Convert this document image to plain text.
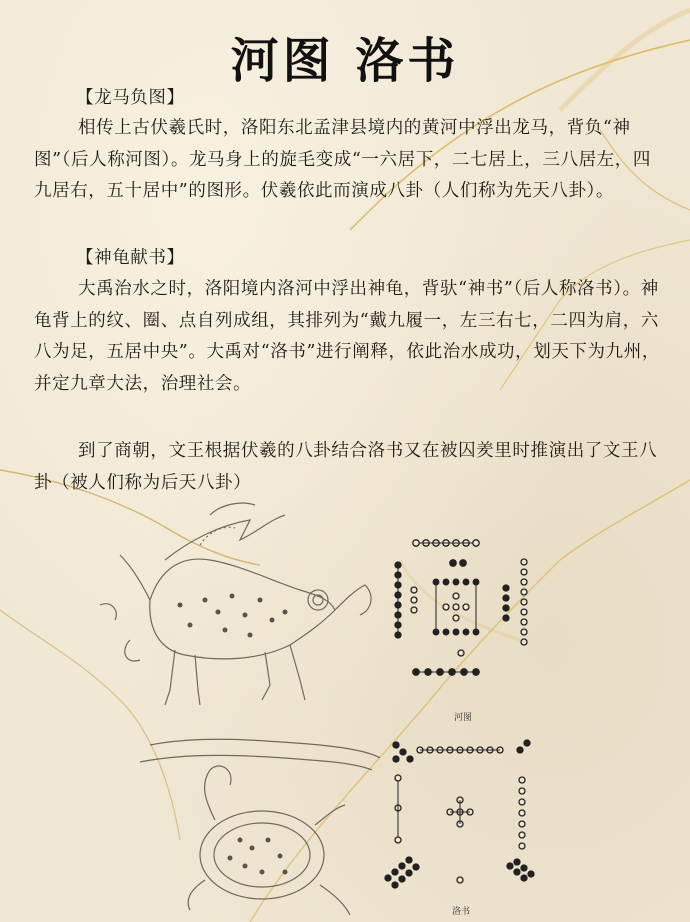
河图 洛书
【龙马负图】

相传上古伏羲氏时，洛阳东北孟津县境内的黄河中浮出龙马，背负“神图”（后人称河图）。龙马身上的旋毛变成“一六居下，二七居上，三八居左，四九居右，五十居中”的图形。伏羲依此而演成八卦（人们称为先天八卦）。

【神龟献书】

大禹治水之时，洛阳境内洛河中浮出神龟，背驮“神书”（后人称洛书）。神龟背上的纹、圈、点自列成组，其排列为“戴九履一，左三右七，二四为肩，六八为足，五居中央”。大禹对“洛书”进行阐释，依此治水成功，划天下为九州，并定九章大法，治理社会。

到了商朝，文王根据伏羲的八卦结合洛书又在被囚羑里时推演出了文王八卦（被人们称为后天八卦）

河图
洛书
